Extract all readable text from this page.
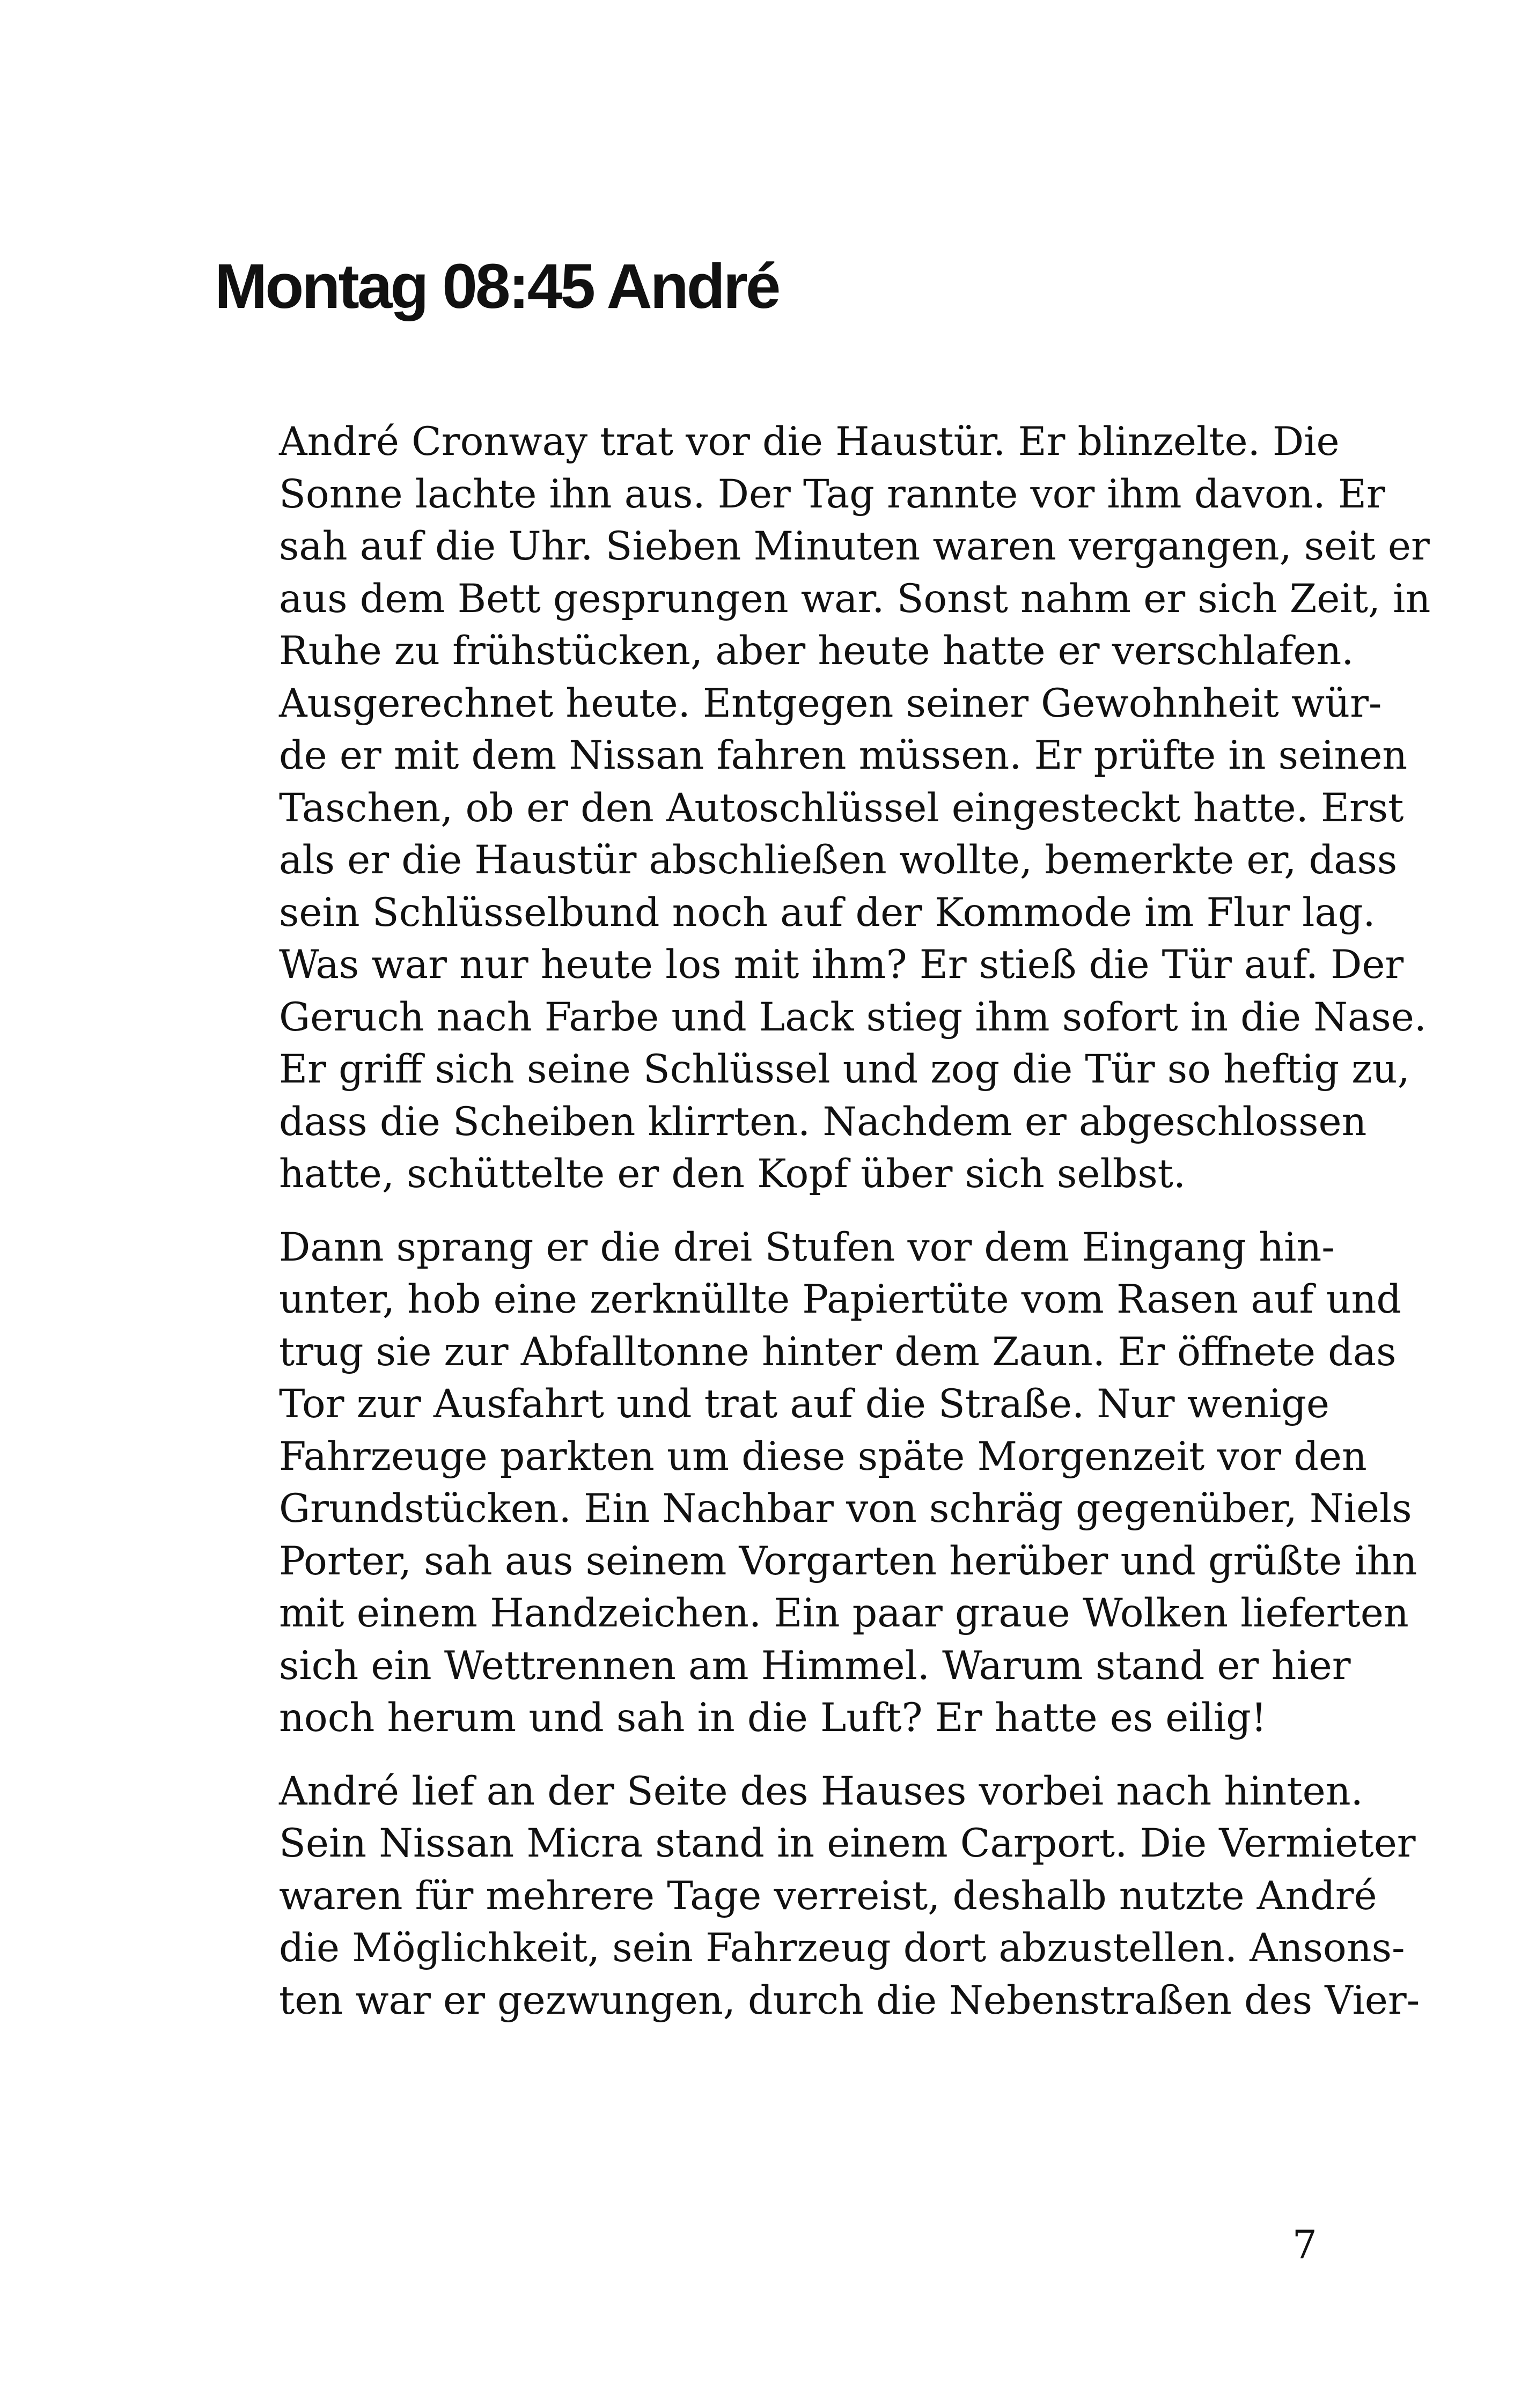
Montag 08:45 André

André Cronway trat vor die Haustür. Er blinzelte. Die
Sonne lachte ihn aus. Der Tag rannte vor ihm davon. Er
sah auf die Uhr. Sieben Minuten waren vergangen, seit er
aus dem Bett gesprungen war. Sonst nahm er sich Zeit, in
Ruhe zu frühstücken, aber heute hatte er verschlafen.
Ausgerechnet heute. Entgegen seiner Gewohnheit wür-
de er mit dem Nissan fahren müssen. Er prüfte in seinen
Taschen, ob er den Autoschlüssel eingesteckt hatte. Erst
als er die Haustür abschließen wollte, bemerkte er, dass
sein Schlüsselbund noch auf der Kommode im Flur lag.
Was war nur heute los mit ihm? Er stieß die Tür auf. Der
Geruch nach Farbe und Lack stieg ihm sofort in die Nase.
Er griff sich seine Schlüssel und zog die Tür so heftig zu,
dass die Scheiben klirrten. Nachdem er abgeschlossen
hatte, schüttelte er den Kopf über sich selbst.

Dann sprang er die drei Stufen vor dem Eingang hin-
unter, hob eine zerknüllte Papiertüte vom Rasen auf und
trug sie zur Abfalltonne hinter dem Zaun. Er öffnete das
Tor zur Ausfahrt und trat auf die Straße. Nur wenige
Fahrzeuge parkten um diese späte Morgenzeit vor den
Grundstücken. Ein Nachbar von schräg gegenüber, Niels
Porter, sah aus seinem Vorgarten herüber und grüßte ihn
mit einem Handzeichen. Ein paar graue Wolken lieferten
sich ein Wettrennen am Himmel. Warum stand er hier
noch herum und sah in die Luft? Er hatte es eilig!

André lief an der Seite des Hauses vorbei nach hinten.
Sein Nissan Micra stand in einem Carport. Die Vermieter
waren für mehrere Tage verreist, deshalb nutzte André
die Möglichkeit, sein Fahrzeug dort abzustellen. Ansons-
ten war er gezwungen, durch die Nebenstraßen des Vier-

7
